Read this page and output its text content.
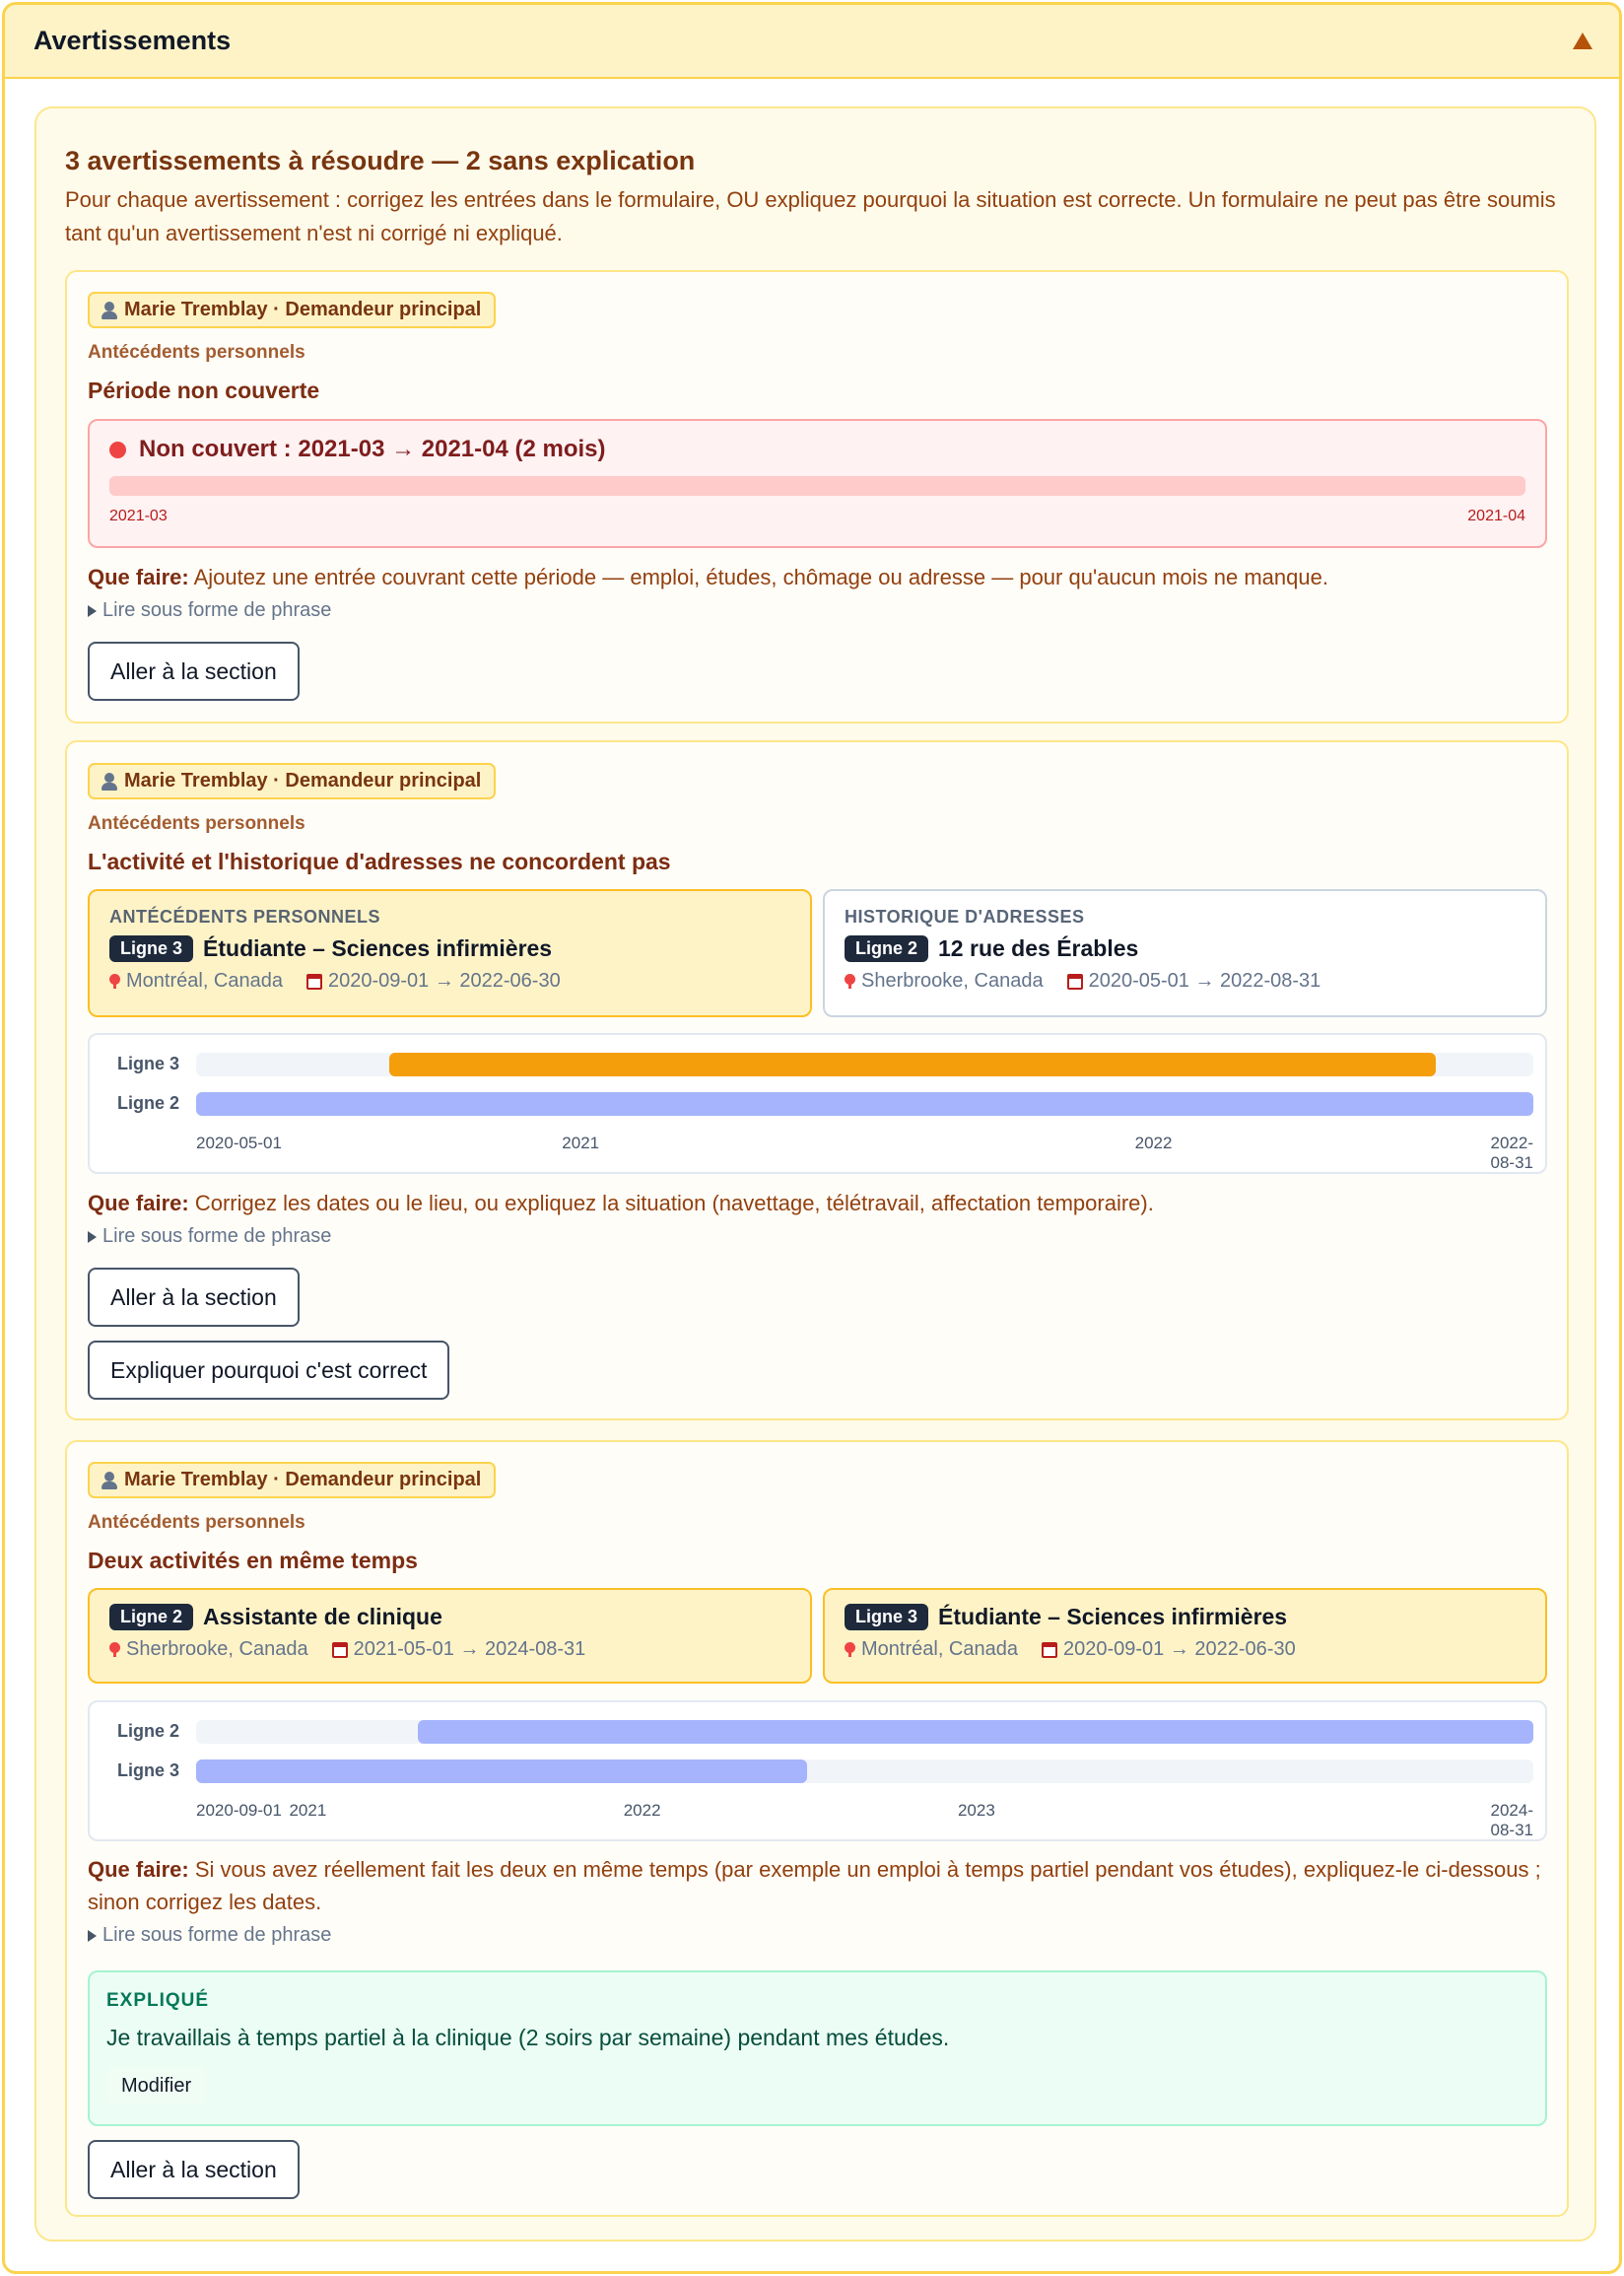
Avertissements
3 avertissements à résoudre — 2 sans explication
Pour chaque avertissement : corrigez les entrées dans le formulaire, OU expliquez pourquoi la situation est correcte. Un formulaire ne peut pas être soumis tant qu'un avertissement n'est ni corrigé ni expliqué.
Marie Tremblay · Demandeur principal
Antécédents personnels
Période non couverte
Non couvert : 2021-03 → 2021-04 (2 mois)
2021-03	2021-04
Que faire: Ajoutez une entrée couvrant cette période — emploi, études, chômage ou adresse — pour qu'aucun mois ne manque.
Lire sous forme de phrase
Aller à la section
Marie Tremblay · Demandeur principal
Antécédents personnels
L'activité et l'historique d'adresses ne concordent pas
ANTÉCÉDENTS PERSONNELS
Ligne 3 Étudiante – Sciences infirmières
Montréal, Canada 2020-09-01 → 2022-06-30
HISTORIQUE D'ADRESSES
Ligne 2 12 rue des Érables
Sherbrooke, Canada 2020-05-01 → 2022-08-31
Ligne 3
Ligne 2
2020-05-01	2021	2022	2022-08-31
Que faire: Corrigez les dates ou le lieu, ou expliquez la situation (navettage, télétravail, affectation temporaire).
Lire sous forme de phrase
Aller à la section
Expliquer pourquoi c'est correct
Marie Tremblay · Demandeur principal
Antécédents personnels
Deux activités en même temps
Ligne 2 Assistante de clinique
Sherbrooke, Canada 2021-05-01 → 2024-08-31
Ligne 3 Étudiante – Sciences infirmières
Montréal, Canada 2020-09-01 → 2022-06-30
Ligne 2
Ligne 3
2020-09-01 2021	2022	2023	2024-08-31
Que faire: Si vous avez réellement fait les deux en même temps (par exemple un emploi à temps partiel pendant vos études), expliquez-le ci-dessous ; sinon corrigez les dates.
Lire sous forme de phrase
EXPLIQUÉ
Je travaillais à temps partiel à la clinique (2 soirs par semaine) pendant mes études.
Modifier
Aller à la section
